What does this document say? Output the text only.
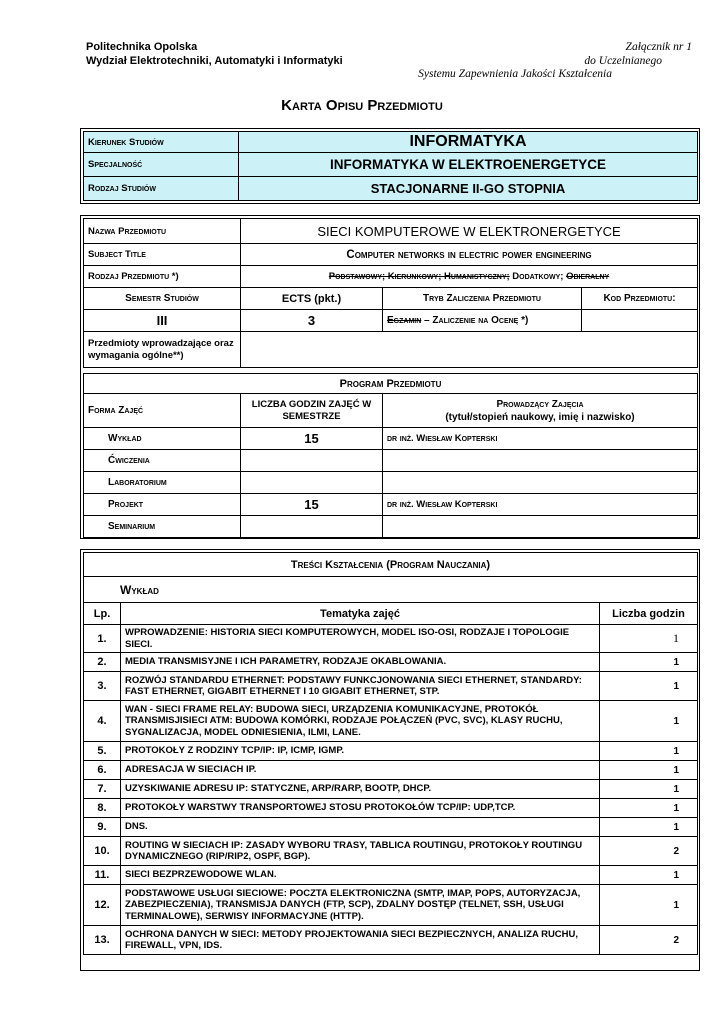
Politechnika Opolska
Wydział Elektrotechniki, Automatyki i Informatyki
Załącznik nr 1
do Uczelnianego
Systemu Zapewnienia Jakości Kształcenia
Karta Opisu Przedmiotu
Kierunek Studiów	INFORMATYKA
Specjalność	INFORMATYKA W ELEKTROENERGETYCE
Rodzaj Studiów	STACJONARNE II-GO STOPNIA
Nazwa Przedmiotu	SIECI KOMPUTEROWE W ELEKTRONERGETYCE		
Subject Title	Computer networks in electric power engineering		
Rodzaj Przedmiotu *)	Podstawowy; Kierunkowy; Humanistyczny; Dodatkowy; Obieralny		
Semestr Studiów	ECTS (pkt.)	Tryb Zaliczenia Przedmiotu	Kod Przedmiotu:
III	3	Egzamin – Zaliczenie na Ocenę *)	
Przedmioty wprowadzające oraz wymagania ogólne**)			

Program Przedmiotu			
Forma Zajęć	LICZBA GODZIN ZAJĘĆ W SEMESTRZE	Prowadzący Zajęcia
(tytuł/stopień naukowy, imię i nazwisko)	

Wykład	15	dr inż. Wiesław Kopterski	
Ćwiczenia			
Laboratorium			
Projekt	15	dr inż. Wiesław Kopterski	
Seminarium			
Treści Kształcenia (Program Nauczania)		
Wykład		
Lp.	Tematyka zajęć	Liczba godzin
1.	WPROWADZENIE: HISTORIA SIECI KOMPUTEROWYCH, MODEL ISO-OSI, RODZAJE I TOPOLOGIE SIECI.	1
2.	MEDIA TRANSMISYJNE I ICH PARAMETRY, RODZAJE OKABLOWANIA.	1
3.	ROZWÓJ STANDARDU ETHERNET: PODSTAWY FUNKCJONOWANIA SIECI ETHERNET, STANDARDY: FAST ETHERNET, GIGABIT ETHERNET I 10 GIGABIT ETHERNET, STP.	1
4.	WAN - SIECI FRAME RELAY: BUDOWA SIECI, URZĄDZENIA KOMUNIKACYJNE, PROTOKÓŁ TRANSMISJISIECI ATM: BUDOWA KOMÓRKI, RODZAJE POŁĄCZEŃ (PVC, SVC), KLASY RUCHU, SYGNALIZACJA, MODEL ODNIESIENIA, ILMI, LANE.	1
5.	PROTOKOŁY Z RODZINY TCP/IP: IP, ICMP, IGMP.	1
6.	ADRESACJA W SIECIACH IP.	1
7.	UZYSKIWANIE ADRESU IP: STATYCZNE, ARP/RARP, BOOTP, DHCP.	1
8.	PROTOKOŁY WARSTWY TRANSPORTOWEJ STOSU PROTOKOŁÓW TCP/IP: UDP,TCP.	1
9.	DNS.	1
10.	ROUTING W SIECIACH IP: ZASADY WYBORU TRASY, TABLICA ROUTINGU, PROTOKOŁY ROUTINGU DYNAMICZNEGO (RIP/RIP2, OSPF, BGP).	2
11.	SIECI BEZPRZEWODOWE WLAN.	1
12.	PODSTAWOWE USŁUGI SIECIOWE: POCZTA ELEKTRONICZNA (SMTP, IMAP, POPS, AUTORYZACJA, ZABEZPIECZENIA), TRANSMISJA DANYCH (FTP, SCP), ZDALNY DOSTĘP (TELNET, SSH, USŁUGI TERMINALOWE), SERWISY INFORMACYJNE (HTTP).	1
13.	OCHRONA DANYCH W SIECI: METODY PROJEKTOWANIA SIECI BEZPIECZNYCH, ANALIZA RUCHU, FIREWALL, VPN, IDS.	2
